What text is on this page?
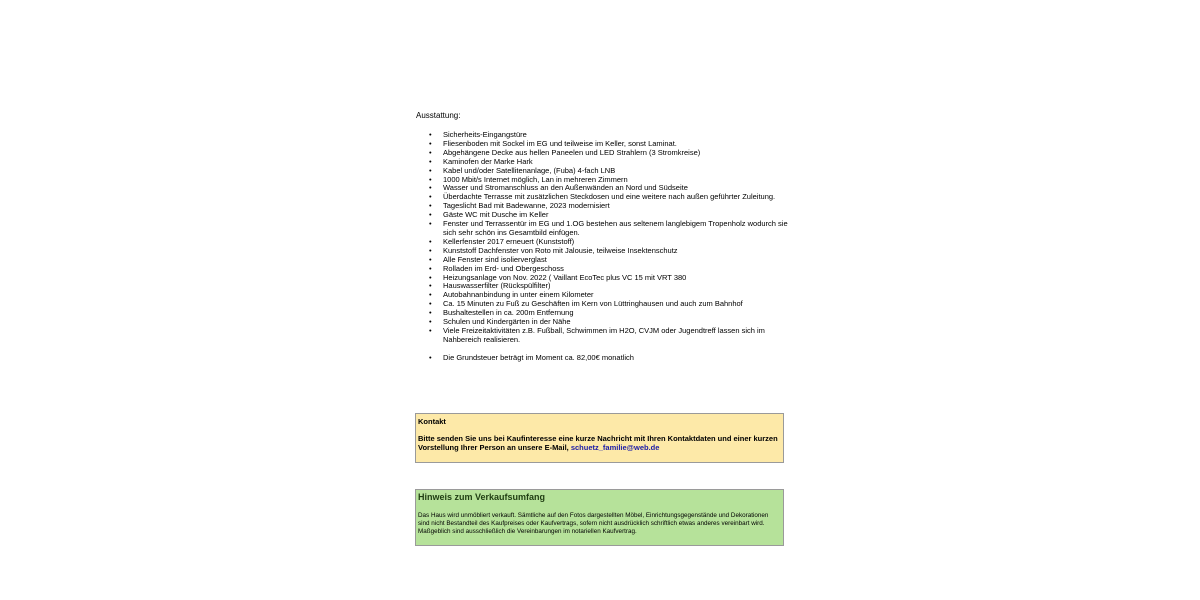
Ausstattung:
• Sicherheits-Eingangstüre
• Fliesenboden mit Sockel im EG und teilweise im Keller, sonst Laminat.
• Abgehängene Decke aus hellen Paneelen und LED Strahlern (3 Stromkreise)
• Kaminofen der Marke Hark
• Kabel und/oder Satellitenanlage, (Fuba) 4-fach LNB
• 1000 Mbit/s Internet möglich, Lan in mehreren Zimmern
• Wasser und Stromanschluss an den Außenwänden an Nord und Südseite
• Überdachte Terrasse mit zusätzlichen Steckdosen und eine weitere nach außen geführter Zuleitung.
• Tageslicht Bad mit Badewanne, 2023 modernisiert
• Gäste WC mit Dusche im Keller
• Fenster und Terrassentür im EG und 1.OG bestehen aus seltenem langlebigem Tropenholz wodurch sie sich sehr schön ins Gesamtbild einfügen.
• Kellerfenster 2017 erneuert (Kunststoff)
• Kunststoff Dachfenster von Roto mit Jalousie, teilweise Insektenschutz
• Alle Fenster sind isolierverglast
• Rolladen im Erd- und Obergeschoss
• Heizungsanlage von Nov. 2022 ( Vaillant EcoTec plus VC 15 mit VRT 380
• Hauswasserfilter (Rückspülfilter)
• Autobahnanbindung in unter einem Kilometer
• Ca. 15 Minuten zu Fuß zu Geschäften im Kern von Lüttringhausen und auch zum Bahnhof
• Bushaltestellen in ca. 200m Entfernung
• Schulen und Kindergärten in der Nähe
• Viele Freizeitaktivitäten z.B. Fußball, Schwimmen im H2O, CVJM oder Jugendtreff lassen sich im Nahbereich realisieren.
• Die Grundsteuer beträgt im Moment ca. 82,00€ monatlich
Kontakt
Bitte senden Sie uns bei Kaufinteresse eine kurze Nachricht mit Ihren Kontaktdaten und einer kurzen Vorstellung Ihrer Person an unsere E-Mail, schuetz_familie@web.de
Hinweis zum Verkaufsumfang
Das Haus wird unmöbliert verkauft. Sämtliche auf den Fotos dargestellten Möbel, Einrichtungsgegenstände und Dekorationen sind nicht Bestandteil des Kaufpreises oder Kaufvertrags, sofern nicht ausdrücklich schriftlich etwas anderes vereinbart wird. Maßgeblich sind ausschließlich die Vereinbarungen im notariellen Kaufvertrag.
